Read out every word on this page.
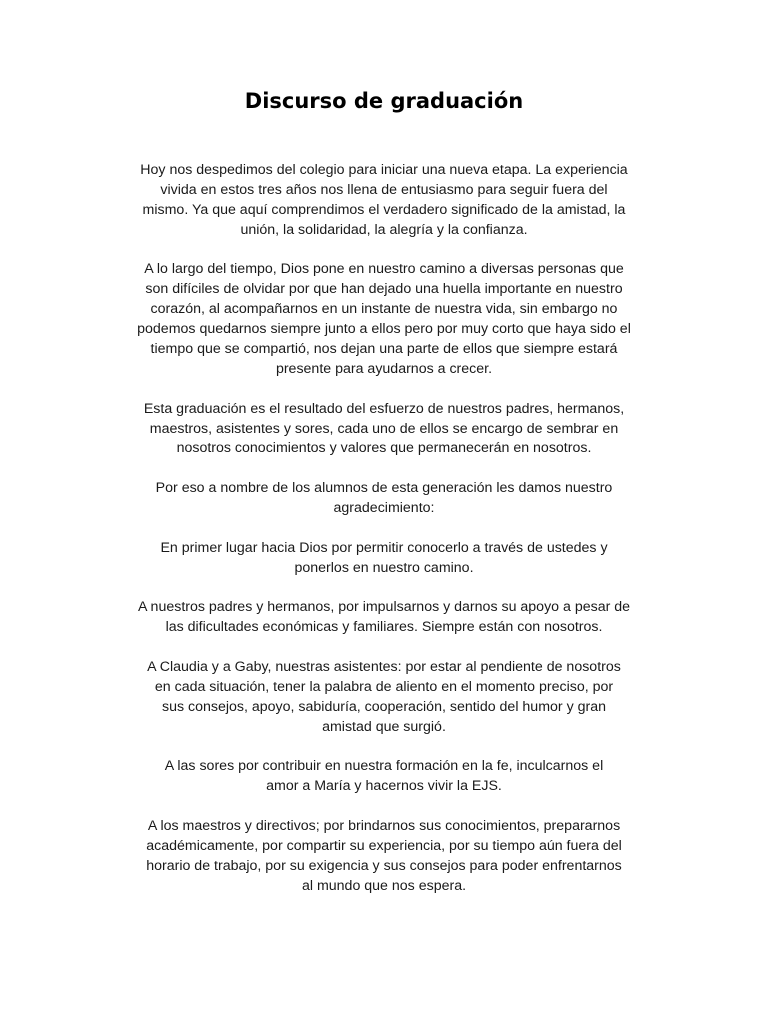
Discurso de graduación

Hoy nos despedimos del colegio para iniciar una nueva etapa. La experiencia
vivida en estos tres años nos llena de entusiasmo para seguir fuera del
mismo. Ya que aquí comprendimos el verdadero significado de la amistad, la
unión, la solidaridad, la alegría y la confianza.

A lo largo del tiempo, Dios pone en nuestro camino a diversas personas que
son difíciles de olvidar por que han dejado una huella importante en nuestro
corazón, al acompañarnos en un instante de nuestra vida, sin embargo no
podemos quedarnos siempre junto a ellos pero por muy corto que haya sido el
tiempo que se compartió, nos dejan una parte de ellos que siempre estará
presente para ayudarnos a crecer.

Esta graduación es el resultado del esfuerzo de nuestros padres, hermanos,
maestros, asistentes y sores, cada uno de ellos se encargo de sembrar en
nosotros conocimientos y valores que permanecerán en nosotros.

Por eso a nombre de los alumnos de esta generación les damos nuestro
agradecimiento:

En primer lugar hacia Dios por permitir conocerlo a través de ustedes y
ponerlos en nuestro camino.

A nuestros padres y hermanos, por impulsarnos y darnos su apoyo a pesar de
las dificultades económicas y familiares. Siempre están con nosotros.

A Claudia y a Gaby, nuestras asistentes: por estar al pendiente de nosotros
en cada situación, tener la palabra de aliento en el momento preciso, por
sus consejos, apoyo, sabiduría, cooperación, sentido del humor y gran
amistad que surgió.

A las sores por contribuir en nuestra formación en la fe, inculcarnos el
amor a María y hacernos vivir la EJS.

A los maestros y directivos; por brindarnos sus conocimientos, prepararnos
académicamente, por compartir su experiencia, por su tiempo aún fuera del
horario de trabajo, por su exigencia y sus consejos para poder enfrentarnos
al mundo que nos espera.
